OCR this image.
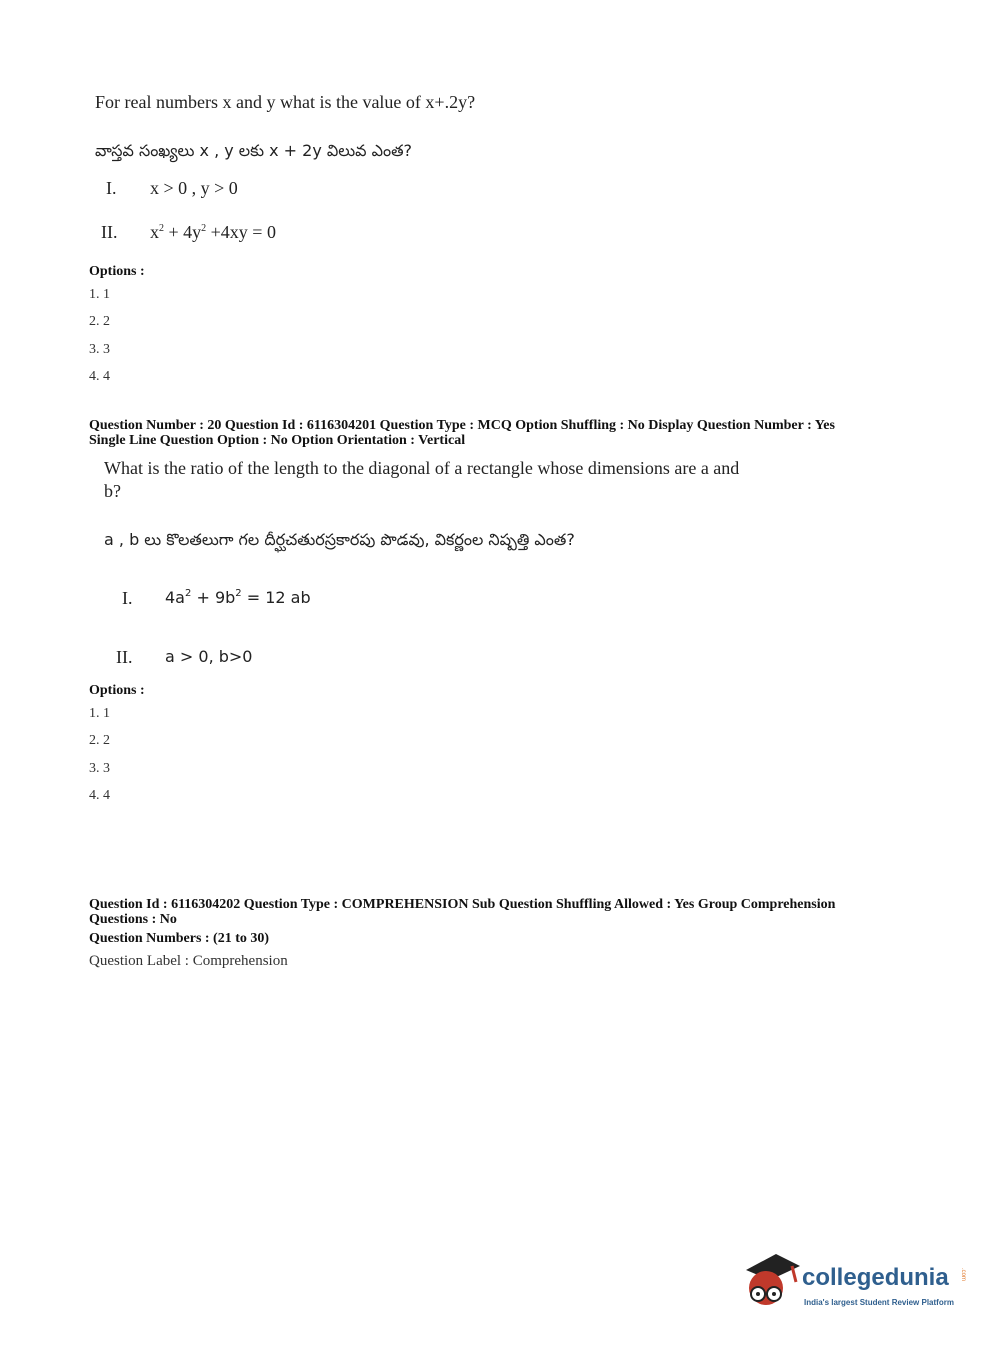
For real numbers x and y what is the value of x+.2y?
వాస్తవ సంఖ్యలు x , y లకు x + 2y విలువ ఎంత?
I. x > 0 , y > 0
II. $x^2 + 4y^2 +4xy = 0$
Options :
1. 1
2. 2
3. 3
4. 4
Question Number : 20 Question Id : 6116304201 Question Type : MCQ Option Shuffling : No Display Question Number : Yes
Single Line Question Option : No Option Orientation : Vertical
What is the ratio of the length to the diagonal of a rectangle whose dimensions are a and
b?
a , b లు కొలతలుగా గల దీర్ఘచతురస్రకారపు పొడవు, వికర్ణంల నిష్పత్తి ఎంత?
I. $4a^2 + 9b^2 = 12$ ab
II. a > 0, b>0
Options :
1. 1
2. 2
3. 3
4. 4
Question Id : 6116304202 Question Type : COMPREHENSION Sub Question Shuffling Allowed : Yes Group Comprehension
Questions : No
Question Numbers : (21 to 30)
Question Label : Comprehension
collegedunia .com
India's largest Student Review Platform
